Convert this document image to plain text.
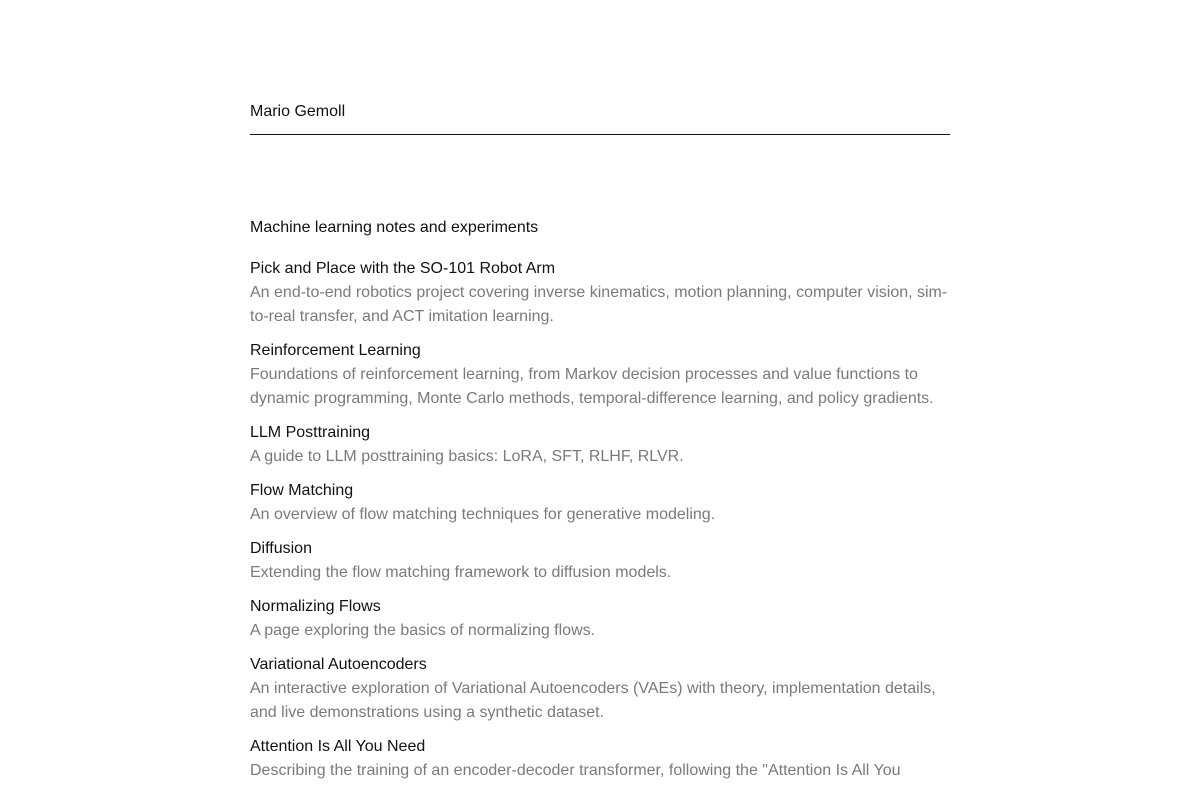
Mario Gemoll
Machine learning notes and experiments
Pick and Place with the SO-101 Robot Arm

An end-to-end robotics project covering inverse kinematics, motion planning, computer vision, sim-to-real transfer, and ACT imitation learning.

Reinforcement Learning

Foundations of reinforcement learning, from Markov decision processes and value functions to dynamic programming, Monte Carlo methods, temporal-difference learning, and policy gradients.

LLM Posttraining

A guide to LLM posttraining basics: LoRA, SFT, RLHF, RLVR.

Flow Matching

An overview of flow matching techniques for generative modeling.

Diffusion

Extending the flow matching framework to diffusion models.

Normalizing Flows

A page exploring the basics of normalizing flows.

Variational Autoencoders

An interactive exploration of Variational Autoencoders (VAEs) with theory, implementation details, and live demonstrations using a synthetic dataset.

Attention Is All You Need

Describing the training of an encoder-decoder transformer, following the "Attention Is All You
